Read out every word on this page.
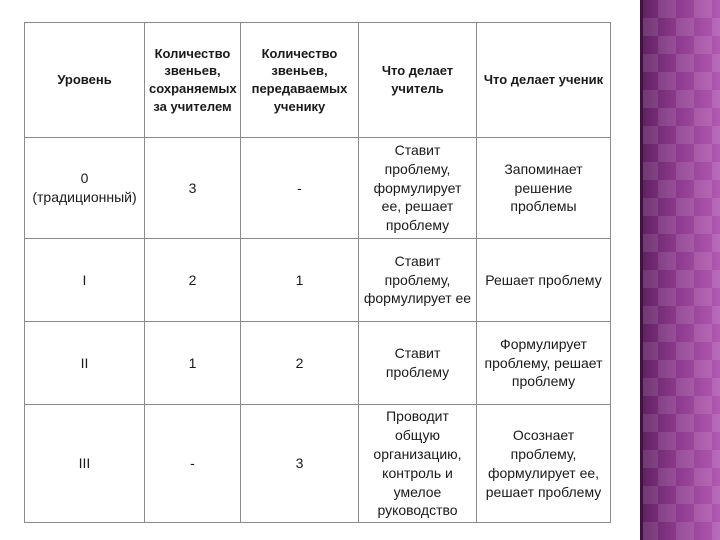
Уровень	Количество звеньев, сохраняемых за учителем	Количество звеньев, передаваемых ученику	Что делает учитель	Что делает ученик
0 (традиционный)	3	-	Ставит проблему, формулирует ее, решает проблему	Запоминает решение проблемы
I	2	1	Ставит проблему, формулирует ее	Решает проблему
II	1	2	Ставит проблему	Формулирует проблему, решает проблему
III	-	3	Проводит общую организацию, контроль и умелое руководство	Осознает проблему, формулирует ее, решает проблему
